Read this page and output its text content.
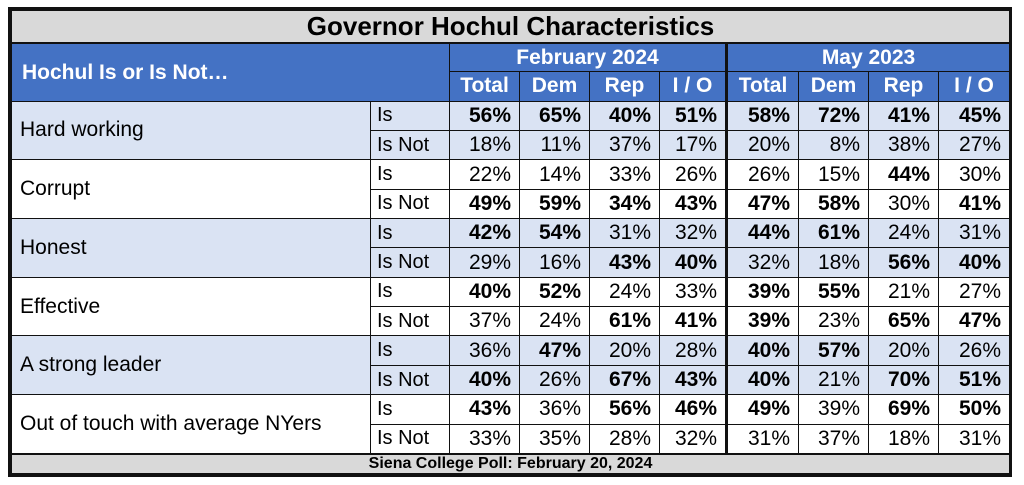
Governor Hochul Characteristics									
Hochul Is or Is Not…		February 2024				May 2023			
		Total	Dem	Rep	I / O	Total	Dem	Rep	I / O
Hard working	Is	56%	65%	40%	51%	58%	72%	41%	45%
	Is Not	18%	11%	37%	17%	20%	8%	38%	27%
Corrupt	Is	22%	14%	33%	26%	26%	15%	44%	30%
	Is Not	49%	59%	34%	43%	47%	58%	30%	41%
Honest	Is	42%	54%	31%	32%	44%	61%	24%	31%
	Is Not	29%	16%	43%	40%	32%	18%	56%	40%
Effective	Is	40%	52%	24%	33%	39%	55%	21%	27%
	Is Not	37%	24%	61%	41%	39%	23%	65%	47%
A strong leader	Is	36%	47%	20%	28%	40%	57%	20%	26%
	Is Not	40%	26%	67%	43%	40%	21%	70%	51%
Out of touch with average NYers	Is	43%	36%	56%	46%	49%	39%	69%	50%
	Is Not	33%	35%	28%	32%	31%	37%	18%	31%
Siena College Poll: February 20, 2024									
